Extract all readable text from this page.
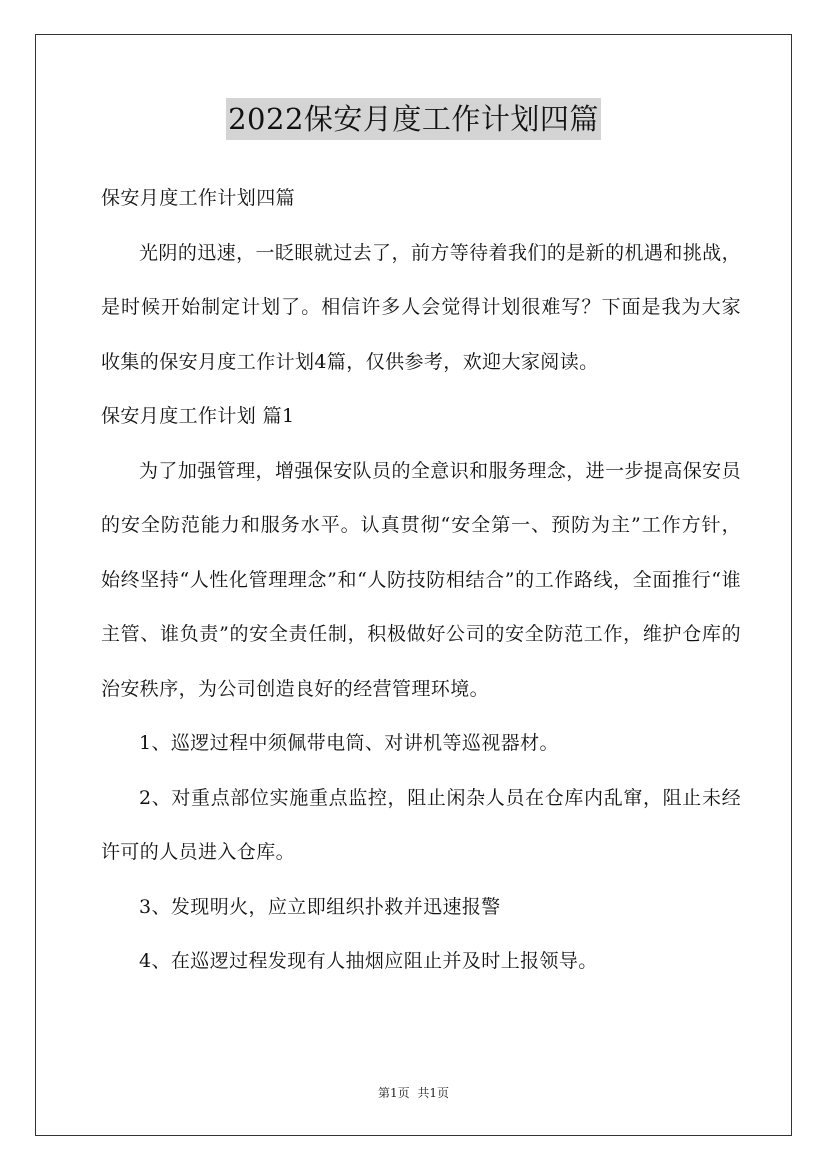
2022保安月度工作计划四篇

保安月度工作计划四篇

光阴的迅速，一眨眼就过去了，前方等待着我们的是新的机遇和挑战，是时候开始制定计划了。相信许多人会觉得计划很难写？下面是我为大家收集的保安月度工作计划4篇，仅供参考，欢迎大家阅读。

保安月度工作计划 篇1

为了加强管理，增强保安队员的全意识和服务理念，进一步提高保安员的安全防范能力和服务水平。认真贯彻“安全第一、预防为主”工作方针，始终坚持“人性化管理理念”和“人防技防相结合”的工作路线，全面推行“谁主管、谁负责”的安全责任制，积极做好公司的安全防范工作，维护仓库的治安秩序，为公司创造良好的经营管理环境。

1、巡逻过程中须佩带电筒、对讲机等巡视器材。

2、对重点部位实施重点监控，阻止闲杂人员在仓库内乱窜，阻止未经许可的人员进入仓库。

3、发现明火，应立即组织扑救并迅速报警

4、在巡逻过程发现有人抽烟应阻止并及时上报领导。

第1页 共1页
